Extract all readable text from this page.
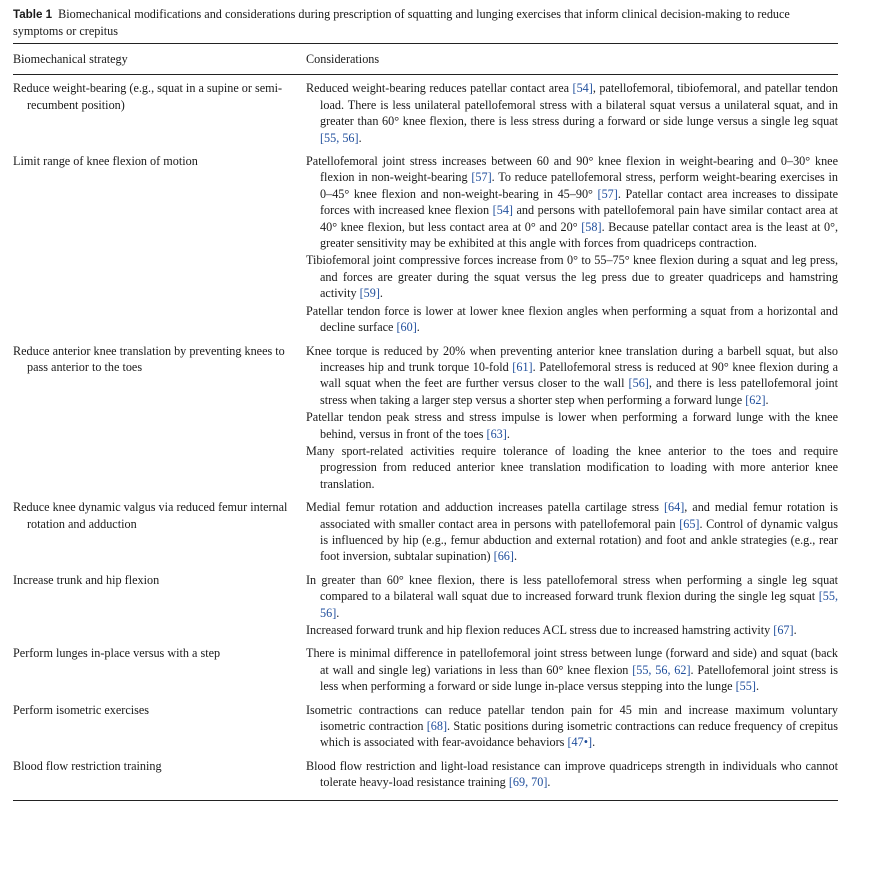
Table 1 Biomechanical modifications and considerations during prescription of squatting and lunging exercises that inform clinical decision-making to reduce symptoms or crepitus
Biomechanical strategy	Considerations

Reduce weight-bearing (e.g., squat in a supine or semi-recumbent position)	Reduced weight-bearing reduces patellar contact area [54], patellofemoral, tibiofemoral, and patellar tendon load. There is less unilateral patellofemoral stress with a bilateral squat versus a unilateral squat, and in greater than 60° knee flexion, there is less stress during a forward or side lunge versus a single leg squat [55, 56].

Limit range of knee flexion of motion	Patellofemoral joint stress increases between 60 and 90° knee flexion in weight-bearing and 0–30° knee flexion in non-weight-bearing [57]. To reduce patellofemoral stress, perform weight-bearing exercises in 0–45° knee flexion and non-weight-bearing in 45–90° [57]. Patellar contact area increases to dissipate forces with increased knee flexion [54] and persons with patellofemoral pain have similar contact area at 40° knee flexion, but less contact area at 0° and 20° [58]. Because patellar contact area is the least at 0°, greater sensitivity may be exhibited at this angle with forces from quadriceps contraction.
Tibiofemoral joint compressive forces increase from 0° to 55–75° knee flexion during a squat and leg press, and forces are greater during the squat versus the leg press due to greater quadriceps and hamstring activity [59].
Patellar tendon force is lower at lower knee flexion angles when performing a squat from a horizontal and decline surface [60].

Reduce anterior knee translation by preventing knees to pass anterior to the toes	Knee torque is reduced by 20% when preventing anterior knee translation during a barbell squat, but also increases hip and trunk torque 10-fold [61]. Patellofemoral stress is reduced at 90° knee flexion during a wall squat when the feet are further versus closer to the wall [56], and there is less patellofemoral joint stress when taking a larger step versus a shorter step when performing a forward lunge [62].
Patellar tendon peak stress and stress impulse is lower when performing a forward lunge with the knee behind, versus in front of the toes [63].
Many sport-related activities require tolerance of loading the knee anterior to the toes and require progression from reduced anterior knee translation modification to loading with more anterior knee translation.

Reduce knee dynamic valgus via reduced femur internal rotation and adduction	Medial femur rotation and adduction increases patella cartilage stress [64], and medial femur rotation is associated with smaller contact area in persons with patellofemoral pain [65]. Control of dynamic valgus is influenced by hip (e.g., femur abduction and external rotation) and foot and ankle strategies (e.g., rear foot inversion, subtalar supination) [66].

Increase trunk and hip flexion	In greater than 60° knee flexion, there is less patellofemoral stress when performing a single leg squat compared to a bilateral wall squat due to increased forward trunk flexion during the single leg squat [55, 56].
Increased forward trunk and hip flexion reduces ACL stress due to increased hamstring activity [67].

Perform lunges in-place versus with a step	There is minimal difference in patellofemoral joint stress between lunge (forward and side) and squat (back at wall and single leg) variations in less than 60° knee flexion [55, 56, 62]. Patellofemoral joint stress is less when performing a forward or side lunge in-place versus stepping into the lunge [55].

Perform isometric exercises	Isometric contractions can reduce patellar tendon pain for 45 min and increase maximum voluntary isometric contraction [68]. Static positions during isometric contractions can reduce frequency of crepitus which is associated with fear-avoidance behaviors [47•].

Blood flow restriction training	Blood flow restriction and light-load resistance can improve quadriceps strength in individuals who cannot tolerate heavy-load resistance training [69, 70].
